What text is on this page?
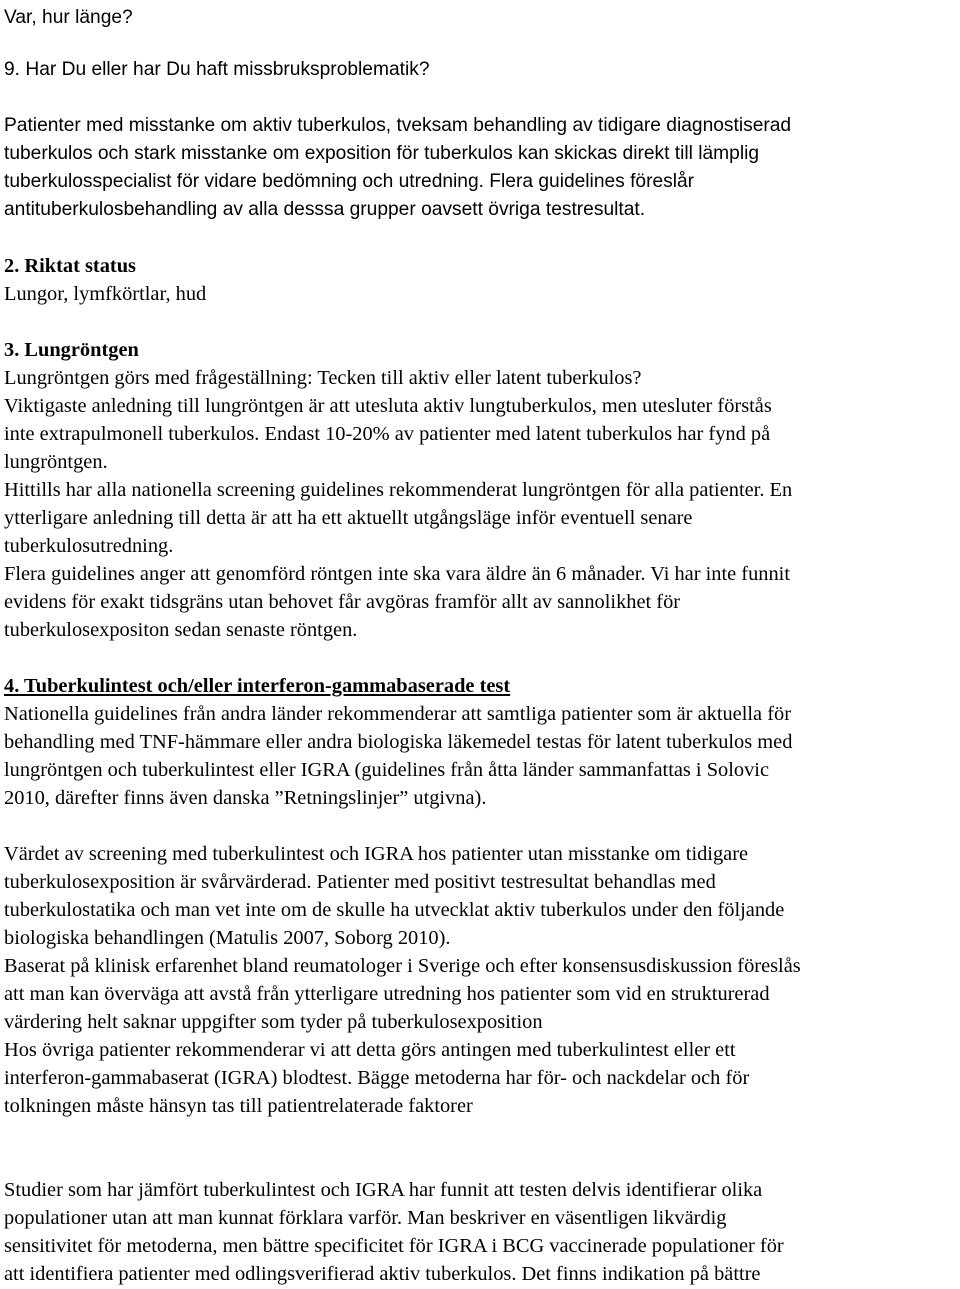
Var, hur länge?
9. Har Du eller har Du haft missbruksproblematik?
Patienter med misstanke om aktiv tuberkulos, tveksam behandling av tidigare diagnostiserad
tuberkulos och stark misstanke om exposition för tuberkulos kan skickas direkt till lämplig
tuberkulosspecialist för vidare bedömning och utredning. Flera guidelines föreslår
antituberkulosbehandling av alla desssa grupper oavsett övriga testresultat.
2. Riktat status
Lungor, lymfkörtlar, hud
3. Lungröntgen
Lungröntgen görs med frågeställning: Tecken till aktiv eller latent tuberkulos?
Viktigaste anledning till lungröntgen är att utesluta aktiv lungtuberkulos, men utesluter förstås
inte extrapulmonell tuberkulos. Endast 10-20% av patienter med latent tuberkulos har fynd på
lungröntgen.
Hittills har alla nationella screening guidelines rekommenderat lungröntgen för alla patienter. En
ytterligare anledning till detta är att ha ett aktuellt utgångsläge inför eventuell senare
tuberkulosutredning.
Flera guidelines anger att genomförd röntgen inte ska vara äldre än 6 månader. Vi har inte funnit
evidens för exakt tidsgräns utan behovet får avgöras framför allt av sannolikhet för
tuberkulosexpositon sedan senaste röntgen.
4. Tuberkulintest och/eller interferon-gammabaserade test
Nationella guidelines från andra länder rekommenderar att samtliga patienter som är aktuella för
behandling med TNF-hämmare eller andra biologiska läkemedel testas för latent tuberkulos med
lungröntgen och tuberkulintest eller IGRA (guidelines från åtta länder sammanfattas i Solovic
2010, därefter finns även danska ”Retningslinjer” utgivna).
Värdet av screening med tuberkulintest och IGRA hos patienter utan misstanke om tidigare
tuberkulosexposition är svårvärderad. Patienter med positivt testresultat behandlas med
tuberkulostatika och man vet inte om de skulle ha utvecklat aktiv tuberkulos under den följande
biologiska behandlingen (Matulis 2007, Soborg 2010).
Baserat på klinisk erfarenhet bland reumatologer i Sverige och efter konsensusdiskussion föreslås
att man kan överväga att avstå från ytterligare utredning hos patienter som vid en strukturerad
värdering helt saknar uppgifter som tyder på tuberkulosexposition
Hos övriga patienter rekommenderar vi att detta görs antingen med tuberkulintest eller ett
interferon-gammabaserat (IGRA) blodtest. Bägge metoderna har för- och nackdelar och för
tolkningen måste hänsyn tas till patientrelaterade faktorer
Studier som har jämfört tuberkulintest och IGRA har funnit att testen delvis identifierar olika
populationer utan att man kunnat förklara varför. Man beskriver en väsentligen likvärdig
sensitivitet för metoderna, men bättre specificitet för IGRA i BCG vaccinerade populationer för
att identifiera patienter med odlingsverifierad aktiv tuberkulos. Det finns indikation på bättre
